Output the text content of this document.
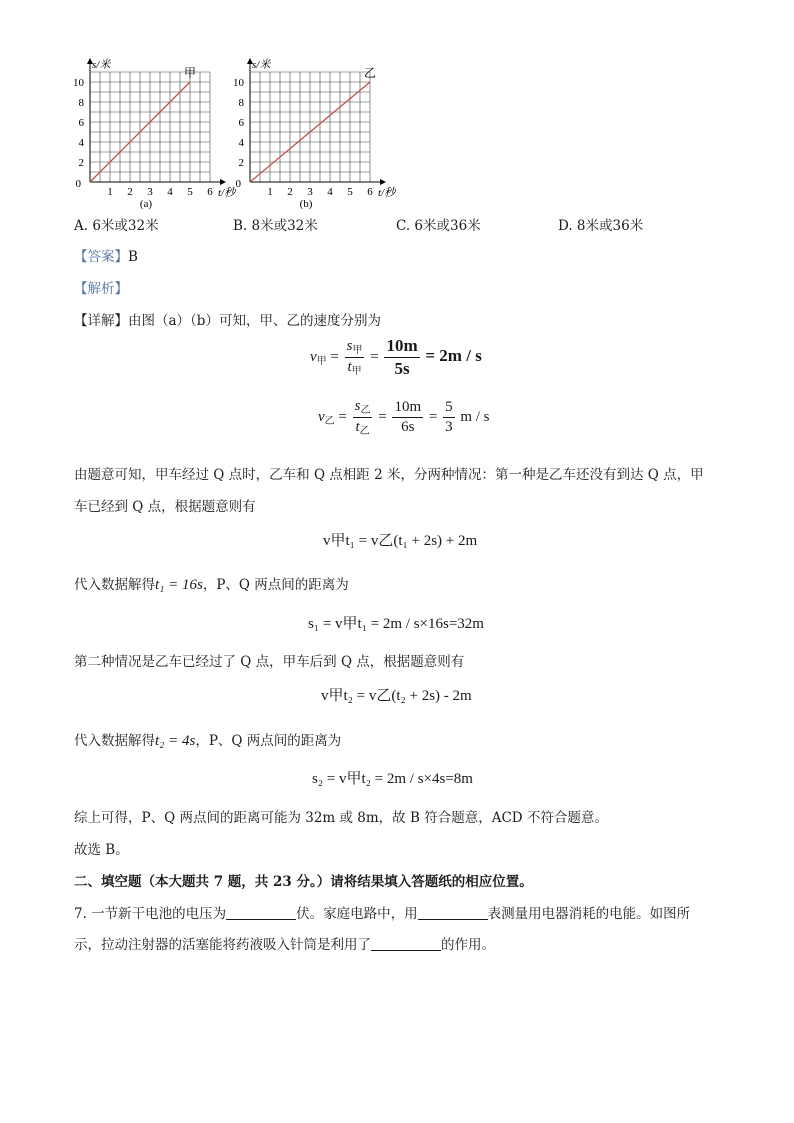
0
2
4
6
8
10
1 2 3 4 5 6
s/米
t/秒
甲
(a)
0
2
4
6
8
10
1 2 3 4 5 6
s/米
t/秒
乙
(b)
A. 6米或32米	B. 8米或32米	C. 6米或36米	D. 8米或36米
【答案】B
【解析】
【详解】由图（a）（b）可知，甲、乙的速度分别为
$v_甲 = \frac{s_甲}{t_甲} = \frac{10m}{5s} = 2m / s$
$v_乙 = \frac{s_乙}{t_乙} = \frac{10m}{6s} = \frac{5}{3}$ m / s
由题意可知，甲车经过 Q 点时，乙车和 Q 点相距 2 米，分两种情况：第一种是乙车还没有到达 Q 点，甲
车已经到 Q 点，根据题意则有
v甲t₁ = v乙(t₁ + 2s) + 2m
代入数据解得t₁ = 16s，P、Q 两点间的距离为
s₁ = v甲t₁ = 2m / s×16s=32m
第二种情况是乙车已经过了 Q 点，甲车后到 Q 点，根据题意则有
v甲t₂ = v乙(t₂ + 2s) - 2m
代入数据解得t₂ = 4s，P、Q 两点间的距离为
s₂ = v甲t₂ = 2m / s×4s=8m
综上可得，P、Q 两点间的距离可能为 32m 或 8m，故 B 符合题意，ACD 不符合题意。
故选 B。
二、填空题（本大题共 7 题，共 23 分。）请将结果填入答题纸的相应位置。
7. 一节新干电池的电压为	伏。家庭电路中，用	表测量用电器消耗的电能。如图所
示，拉动注射器的活塞能将药液吸入针筒是利用了	的作用。
